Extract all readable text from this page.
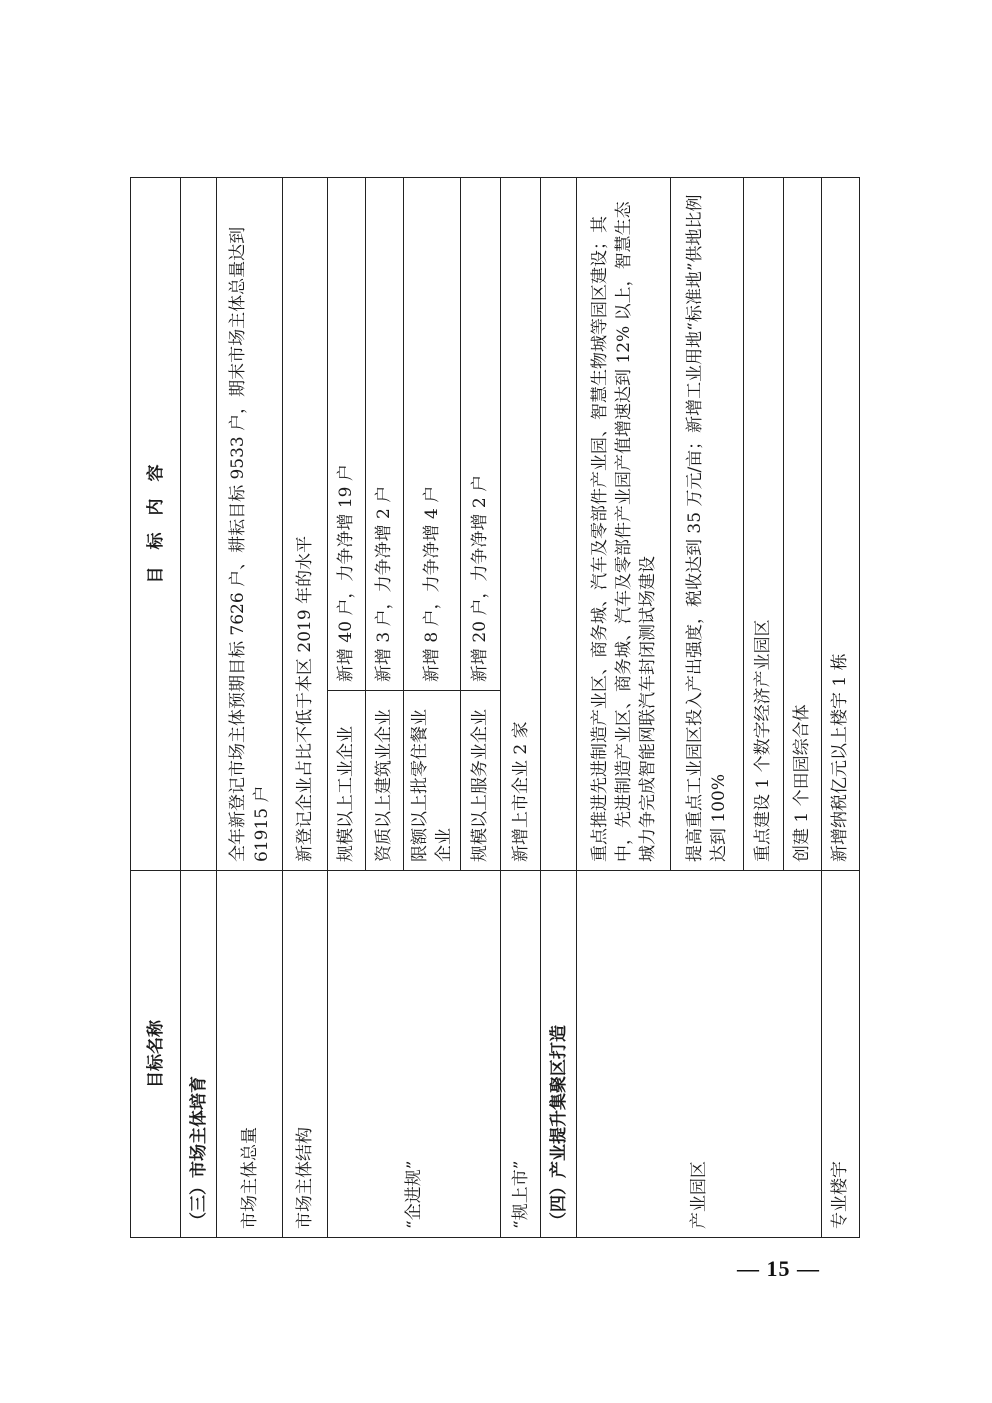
目标名称	目　标　内　容	
（三）市场主体培育		
市场主体总量	全年新登记市场主体预期目标 7626 户、耕耘目标 9533 户，期末市场主体总量达到 61915 户	
市场主体结构	新登记企业占比不低于本区 2019 年的水平	
“企进规”	规模以上工业企业	新增 40 户，力争净增 19 户
	资质以上建筑业企业	新增 3 户，力争净增 2 户
	限额以上批零住餐业企业	新增 8 户，力争净增 4 户
	规模以上服务业企业	新增 20 户，力争净增 2 户
“规上市”	新增上市企业 2 家	
（四）产业提升集聚区打造		
产业园区	重点推进先进制造产业区、商务城、汽车及零部件产业园、智慧生物城等园区建设；其中，先进制造产业区、商务城、汽车及零部件产业园产值增速达到 12% 以上，智慧生态城力争完成智能网联汽车封闭测试场建设	
	提高重点工业园区投入产出强度，税收达到 35 万元/亩；新增工业用地“标准地”供地比例达到 100%	
	重点建设 1 个数字经济产业园区	
	创建 1 个田园综合体	
专业楼宇	新增纳税亿元以上楼宇 1 栋	
— 15 —
